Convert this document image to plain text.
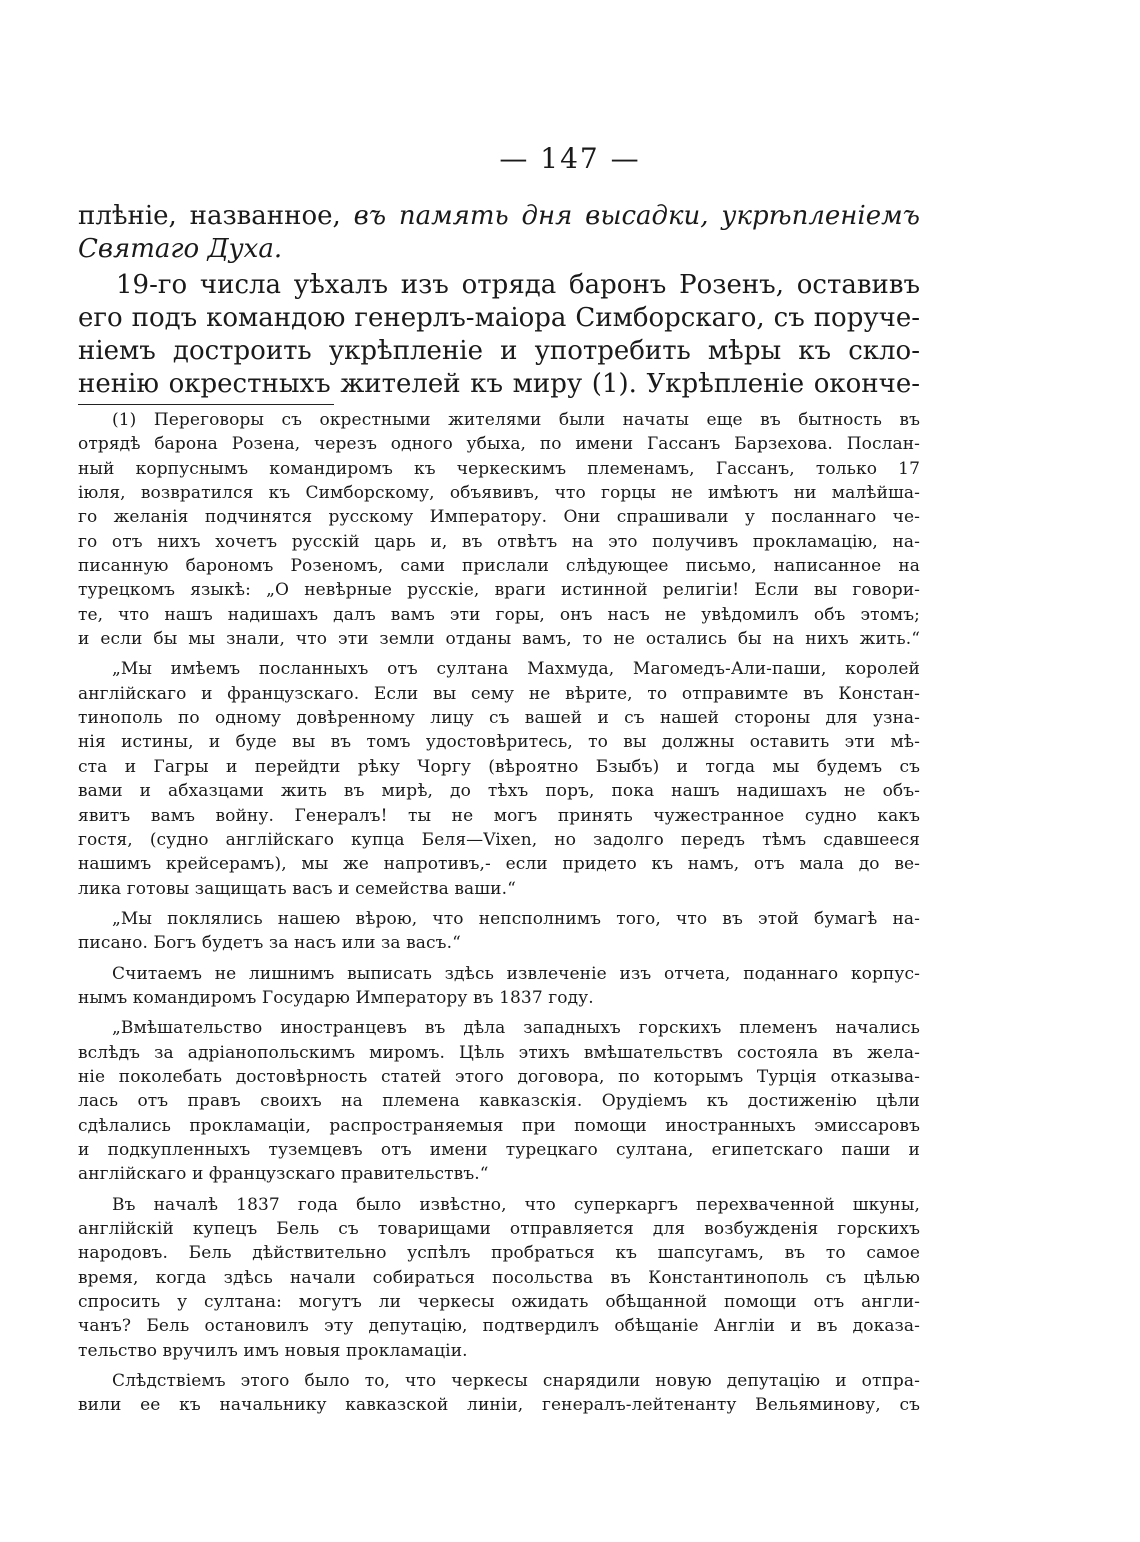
— 147 —
плѣніе, названное, въ память дня высадки, укрѣпленіемъ
Святаго Духа.
19-го числа уѣхалъ изъ отряда баронъ Розенъ, оставивъ
его подъ командою генерлъ-маіора Симборскаго, съ поруче-
ніемъ достроить укрѣпленіе и употребить мѣры къ склo-
ненію окрестныхъ жителей къ миру (1). Укрѣпленіе оконче-
(1) Переговоры съ окрестными жителями были начаты еще въ бытность въ
отрядѣ барона Розена, черезъ одного убыха, по имени Гассанъ Барзехова. Послан-
ный корпуснымъ командиромъ къ черкескимъ племенамъ, Гассанъ, только 17
іюля, возвратился къ Симборскому, объявивъ, что горцы не имѣютъ ни малѣйша-
го желанія подчинятся русскому Императору. Они спрашивали у посланнаго че-
го отъ нихъ хочетъ русскій царь и, въ отвѣтъ на это получивъ прокламацію, на-
писанную барономъ Розеномъ, сами прислали слѣдующее письмо, написанное на
турецкомъ языкѣ: „О невѣрные русскіе, враги истинной религіи! Если вы говори-
те, что нашъ надишахъ далъ вамъ эти горы, онъ насъ не увѣдомилъ объ этомъ;
и если бы мы знали, что эти земли отданы вамъ, то не остались бы на нихъ жить.“
„Мы имѣемъ посланныхъ отъ султана Махмуда, Магомедъ-Али-паши, королей
англійскаго и французскаго. Если вы сему не вѣрите, то отправимте въ Констан-
тинополь по одному довѣренному лицу съ вашей и съ нашей стороны для узна-
нія истины, и буде вы въ томъ удостовѣритесь, то вы должны оставить эти мѣ-
ста и Гагры и перейдти рѣку Чоргу (вѣроятно Бзыбъ) и тогда мы будемъ съ
вами и абхазцами жить въ мирѣ, до тѣхъ поръ, пока нашъ надишахъ не объ-
явитъ вамъ войну. Генералъ! ты не могъ принять чужестранное судно какъ
гостя, (судно англійскаго купца Беля—Vixen, но задолго передъ тѣмъ сдавшееся
нашимъ крейсерамъ), мы же напротивъ,- если придето къ намъ, отъ мала до ве-
лика готовы защищать васъ и семейства ваши.“
„Мы поклялись нашею вѣрою, что непсполнимъ того, что въ этой бумагѣ на-
писано. Богъ будетъ за насъ или за васъ.“
Считаемъ не лишнимъ выписать здѣсь извлеченіе изъ отчета, поданнаго корпус-
нымъ командиромъ Государю Императору въ 1837 году.
„Вмѣшательство иностранцевъ въ дѣла западныхъ горскихъ племенъ началиcь
вслѣдъ за адріанопольскимъ миромъ. Цѣль этихъ вмѣшательствъ состояла въ жела-
ніе поколебать достовѣрность статей этого договора, по которымъ Турція отказыва-
лась отъ правъ своихъ на племена кавказскія. Орудіемъ къ достиженію цѣли
сдѣлались прокламаціи, распространяемыя при помощи иностранныхъ эмиссаровъ
и подкупленныхъ туземцевъ отъ имени турецкаго султана, египетскаго паши и
англійскаго и французскаго правительствъ.“
Въ началѣ 1837 года было извѣстно, что суперкаргъ перехваченной шкуны,
англійскій купецъ Бель съ товарищами отправляется для возбужденія горскихъ
народовъ. Бель дѣйствительно успѣлъ пробраться къ шапсугамъ, въ то самое
время, когда здѣсь начали собираться посольства въ Константинополь съ цѣлью
спросить у султана: могутъ ли черкесы ожидать обѣщанной помощи отъ англи-
чанъ? Бель остановилъ эту депутацію, подтвердилъ обѣщаніе Англіи и въ доказа-
тельство вручилъ имъ новыя прокламаціи.
Слѣдствіемъ этого было то, что черкесы снарядили новую депутацію и отпра-
вили ее къ начальнику кавказской линіи, генералъ-лейтенанту Вельяминову, съ
